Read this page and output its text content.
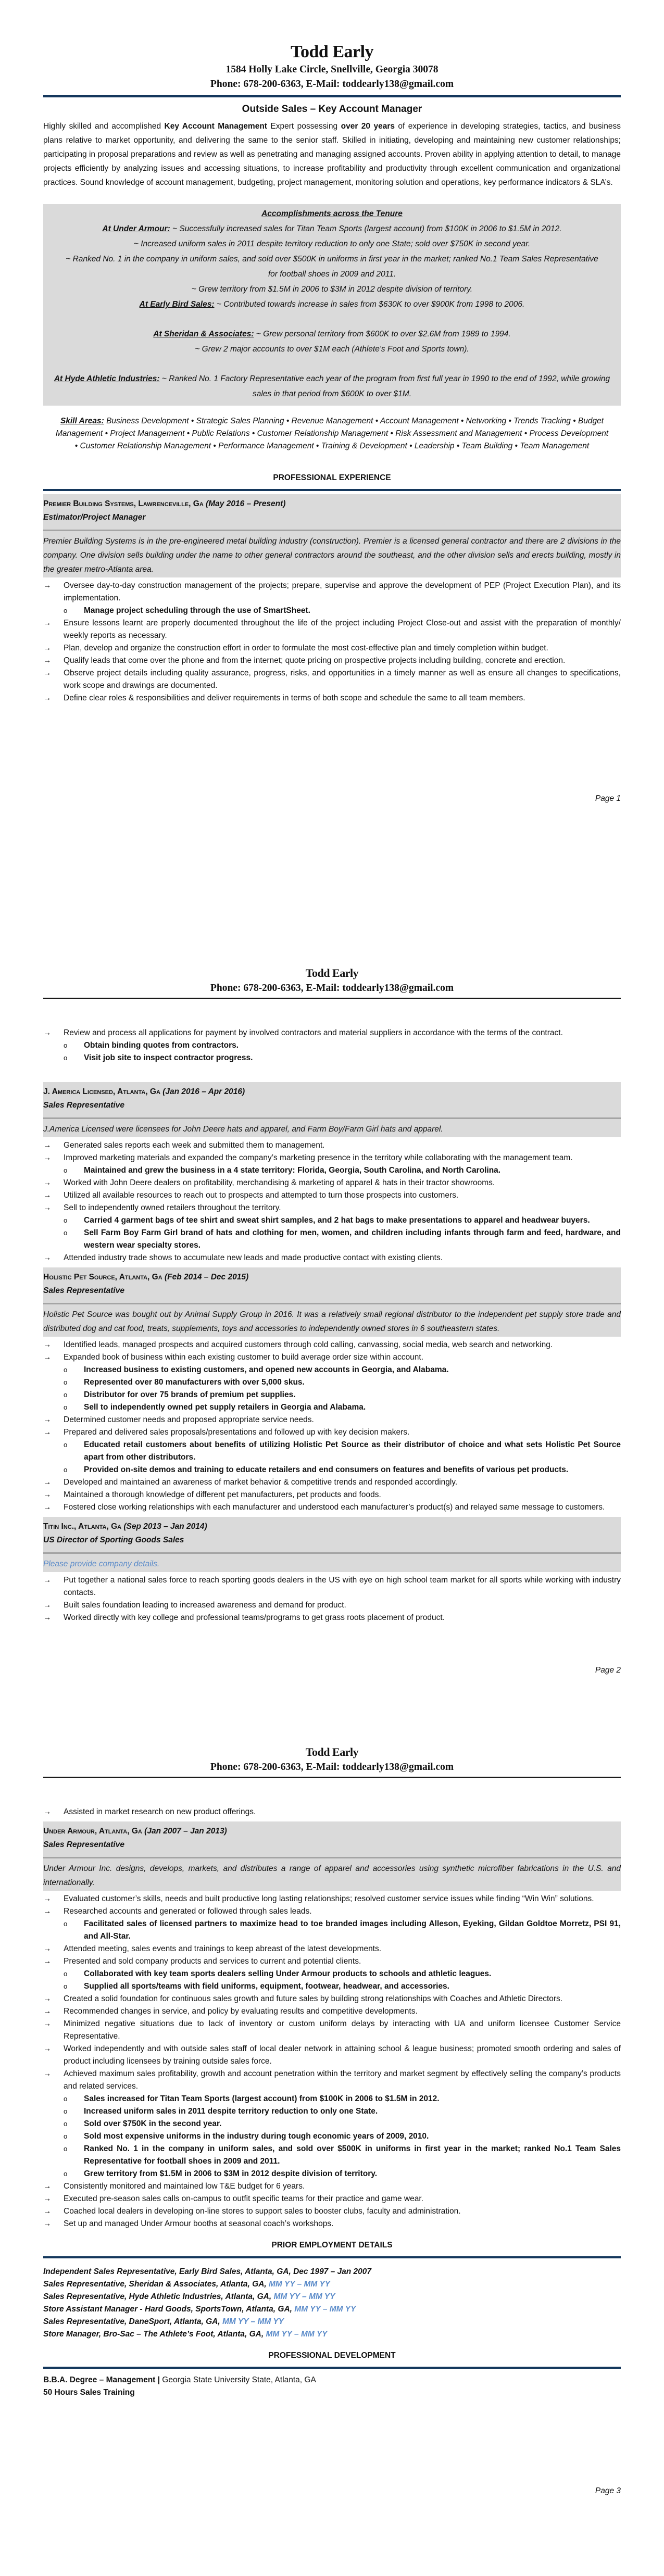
Todd Early
1584 Holly Lake Circle, Snellville, Georgia 30078
Phone: 678-200-6363, E-Mail: toddearly138@gmail.com
Outside Sales – Key Account Manager

Highly skilled and accomplished Key Account Management Expert possessing over 20 years of experience in developing strategies, tactics, and business plans relative to market opportunity, and delivering the same to the senior staff. Skilled in initiating, developing and maintaining new customer relationships; participating in proposal preparations and review as well as penetrating and managing assigned accounts. Proven ability in applying attention to detail, to manage projects efficiently by analyzing issues and accessing situations, to increase profitability and productivity through excellent communication and organizational practices. Sound knowledge of account management, budgeting, project management, monitoring solution and operations, key performance indicators & SLA’s.

Accomplishments across the Tenure
At Under Armour: ~ Successfully increased sales for Titan Team Sports (largest account) from $100K in 2006 to $1.5M in 2012.
~ Increased uniform sales in 2011 despite territory reduction to only one State; sold over $750K in second year.
~ Ranked No. 1 in the company in uniform sales, and sold over $500K in uniforms in first year in the market; ranked No.1 Team Sales Representative for football shoes in 2009 and 2011.
~ Grew territory from $1.5M in 2006 to $3M in 2012 despite division of territory.
At Early Bird Sales: ~ Contributed towards increase in sales from $630K to over $900K from 1998 to 2006.
At Sheridan & Associates: ~ Grew personal territory from $600K to over $2.6M from 1989 to 1994.
~ Grew 2 major accounts to over $1M each (Athlete's Foot and Sports town).
At Hyde Athletic Industries: ~ Ranked No. 1 Factory Representative each year of the program from first full year in 1990 to the end of 1992, while growing sales in that period from $600K to over $1M.
Skill Areas: Business Development • Strategic Sales Planning • Revenue Management • Account Management • Networking • Trends Tracking • Budget Management • Project Management • Public Relations • Customer Relationship Management • Risk Assessment and Management • Process Development • Customer Relationship Management • Performance Management • Training & Development • Leadership • Team Building • Team Management
PROFESSIONAL EXPERIENCE
Premier Building Systems, Lawrenceville, Ga (May 2016 – Present)
Estimator/Project Manager
Premier Building Systems is in the pre-engineered metal building industry (construction). Premier is a licensed general contractor and there are 2 divisions in the company. One division sells building under the name to other general contractors around the southeast, and the other division sells and erects building, mostly in the greater metro-Atlanta area.
→ Oversee day-to-day construction management of the projects; prepare, supervise and approve the development of PEP (Project Execution Plan), and its implementation.
o Manage project scheduling through the use of SmartSheet.
→ Ensure lessons learnt are properly documented throughout the life of the project including Project Close-out and assist with the preparation of monthly/ weekly reports as necessary.
→ Plan, develop and organize the construction effort in order to formulate the most cost-effective plan and timely completion within budget.
→ Qualify leads that come over the phone and from the internet; quote pricing on prospective projects including building, concrete and erection.
→ Observe project details including quality assurance, progress, risks, and opportunities in a timely manner as well as ensure all changes to specifications, work scope and drawings are documented.
→ Define clear roles & responsibilities and deliver requirements in terms of both scope and schedule the same to all team members.
Page 1
Todd Early
Phone: 678-200-6363, E-Mail: toddearly138@gmail.com
→ Review and process all applications for payment by involved contractors and material suppliers in accordance with the terms of the contract.
o Obtain binding quotes from contractors.
o Visit job site to inspect contractor progress.
J. America Licensed, Atlanta, Ga (Jan 2016 – Apr 2016)
Sales Representative
J.America Licensed were licensees for John Deere hats and apparel, and Farm Boy/Farm Girl hats and apparel.
→ Generated sales reports each week and submitted them to management.
→ Improved marketing materials and expanded the company’s marketing presence in the territory while collaborating with the management team.
o Maintained and grew the business in a 4 state territory: Florida, Georgia, South Carolina, and North Carolina.
→ Worked with John Deere dealers on profitability, merchandising & marketing of apparel & hats in their tractor showrooms.
→ Utilized all available resources to reach out to prospects and attempted to turn those prospects into customers.
→ Sell to independently owned retailers throughout the territory.
o Carried 4 garment bags of tee shirt and sweat shirt samples, and 2 hat bags to make presentations to apparel and headwear buyers.
o Sell Farm Boy Farm Girl brand of hats and clothing for men, women, and children including infants through farm and feed, hardware, and western wear specialty stores.
→ Attended industry trade shows to accumulate new leads and made productive contact with existing clients.
Holistic Pet Source, Atlanta, Ga (Feb 2014 – Dec 2015)
Sales Representative
Holistic Pet Source was bought out by Animal Supply Group in 2016. It was a relatively small regional distributor to the independent pet supply store trade and distributed dog and cat food, treats, supplements, toys and accessories to independently owned stores in 6 southeastern states.
→ Identified leads, managed prospects and acquired customers through cold calling, canvassing, social media, web search and networking.
→ Expanded book of business within each existing customer to build average order size within account.
o Increased business to existing customers, and opened new accounts in Georgia, and Alabama.
o Represented over 80 manufacturers with over 5,000 skus.
o Distributor for over 75 brands of premium pet supplies.
o Sell to independently owned pet supply retailers in Georgia and Alabama.
→ Determined customer needs and proposed appropriate service needs.
→ Prepared and delivered sales proposals/presentations and followed up with key decision makers.
o Educated retail customers about benefits of utilizing Holistic Pet Source as their distributor of choice and what sets Holistic Pet Source apart from other distributors.
o Provided on-site demos and training to educate retailers and end consumers on features and benefits of various pet products.
→ Developed and maintained an awareness of market behavior & competitive trends and responded accordingly.
→ Maintained a thorough knowledge of different pet manufacturers, pet products and foods.
→ Fostered close working relationships with each manufacturer and understood each manufacturer’s product(s) and relayed same message to customers.
Titin Inc., Atlanta, Ga (Sep 2013 – Jan 2014)
US Director of Sporting Goods Sales
Please provide company details.
→ Put together a national sales force to reach sporting goods dealers in the US with eye on high school team market for all sports while working with industry contacts.
→ Built sales foundation leading to increased awareness and demand for product.
→ Worked directly with key college and professional teams/programs to get grass roots placement of product.
Page 2
Todd Early
Phone: 678-200-6363, E-Mail: toddearly138@gmail.com
→ Assisted in market research on new product offerings.
Under Armour, Atlanta, Ga (Jan 2007 – Jan 2013)
Sales Representative
Under Armour Inc. designs, develops, markets, and distributes a range of apparel and accessories using synthetic microfiber fabrications in the U.S. and internationally.
→ Evaluated customer’s skills, needs and built productive long lasting relationships; resolved customer service issues while finding “Win Win” solutions.
→ Researched accounts and generated or followed through sales leads.
o Facilitated sales of licensed partners to maximize head to toe branded images including Alleson, Eyeking, Gildan Goldtoe Morretz, PSI 91, and All-Star.
→ Attended meeting, sales events and trainings to keep abreast of the latest developments.
→ Presented and sold company products and services to current and potential clients.
o Collaborated with key team sports dealers selling Under Armour products to schools and athletic leagues.
o Supplied all sports/teams with field uniforms, equipment, footwear, headwear, and accessories.
→ Created a solid foundation for continuous sales growth and future sales by building strong relationships with Coaches and Athletic Directors.
→ Recommended changes in service, and policy by evaluating results and competitive developments.
→ Minimized negative situations due to lack of inventory or custom uniform delays by interacting with UA and uniform licensee Customer Service Representative.
→ Worked independently and with outside sales staff of local dealer network in attaining school & league business; promoted smooth ordering and sales of product including licensees by training outside sales force.
→ Achieved maximum sales profitability, growth and account penetration within the territory and market segment by effectively selling the company’s products and related services.
o Sales increased for Titan Team Sports (largest account) from $100K in 2006 to $1.5M in 2012.
o Increased uniform sales in 2011 despite territory reduction to only one State.
o Sold over $750K in the second year.
o Sold most expensive uniforms in the industry during tough economic years of 2009, 2010.
o Ranked No. 1 in the company in uniform sales, and sold over $500K in uniforms in first year in the market; ranked No.1 Team Sales Representative for football shoes in 2009 and 2011.
o Grew territory from $1.5M in 2006 to $3M in 2012 despite division of territory.
→ Consistently monitored and maintained low T&E budget for 6 years.
→ Executed pre-season sales calls on-campus to outfit specific teams for their practice and game wear.
→ Coached local dealers in developing on-line stores to support sales to booster clubs, faculty and administration.
→ Set up and managed Under Armour booths at seasonal coach’s workshops.
PRIOR EMPLOYMENT DETAILS
Independent Sales Representative, Early Bird Sales, Atlanta, GA, Dec 1997 – Jan 2007
Sales Representative, Sheridan & Associates, Atlanta, GA, MM YY – MM YY
Sales Representative, Hyde Athletic Industries, Atlanta, GA, MM YY – MM YY
Store Assistant Manager - Hard Goods, SportsTown, Atlanta, GA, MM YY – MM YY
Sales Representative, DaneSport, Atlanta, GA, MM YY – MM YY
Store Manager, Bro-Sac – The Athlete’s Foot, Atlanta, GA, MM YY – MM YY
PROFESSIONAL DEVELOPMENT
B.B.A. Degree – Management | Georgia State University State, Atlanta, GA
50 Hours Sales Training
Page 3
